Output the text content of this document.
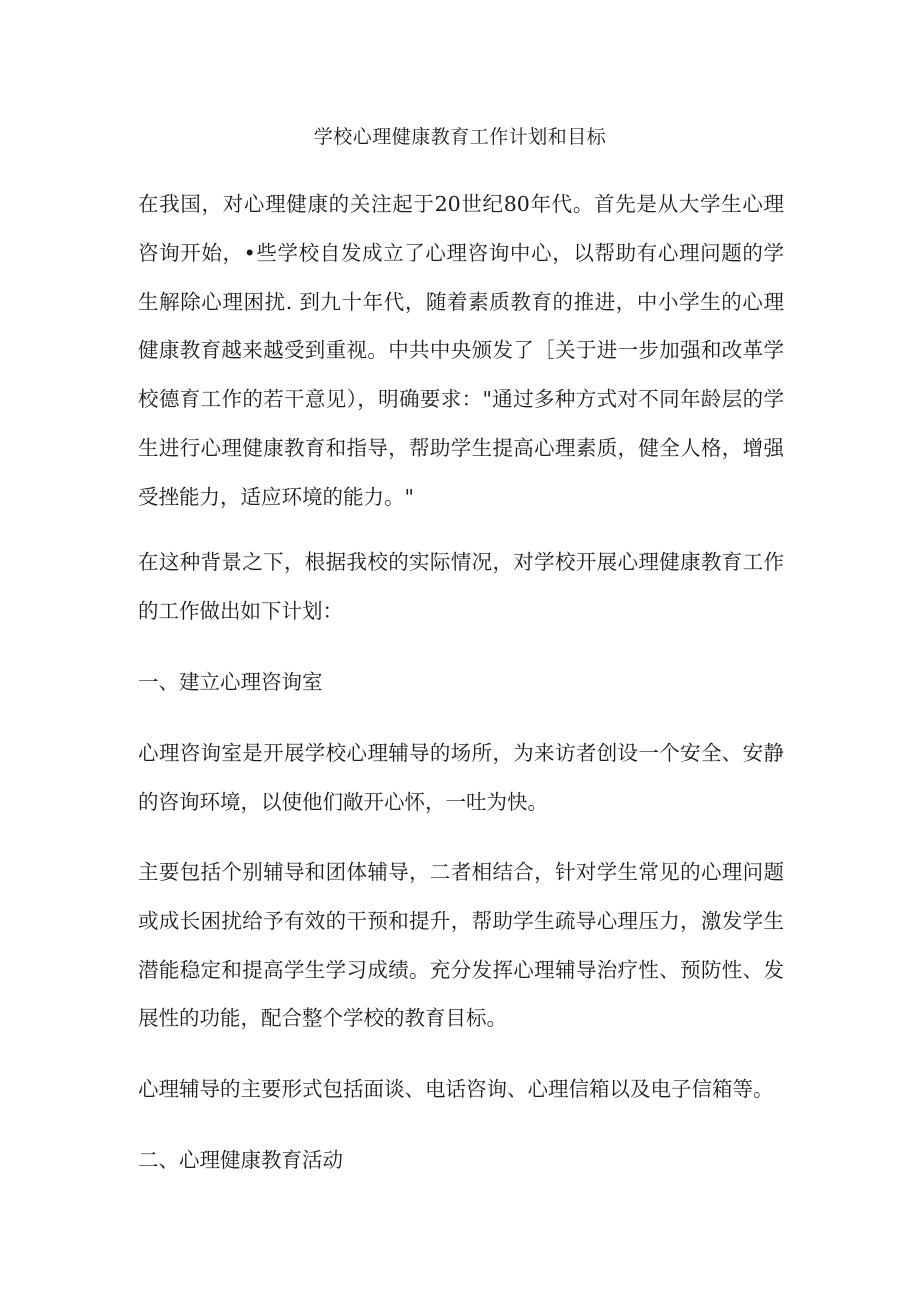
学校心理健康教育工作计划和目标

在我国，对心理健康的关注起于20世纪80年代。首先是从大学生心理咨询开始，•些学校自发成立了心理咨询中心，以帮助有心理问题的学生解除心理困扰. 到九十年代，随着素质教育的推进，中小学生的心理健康教育越来越受到重视。中共中央颁发了［关于进一步加强和改革学校德育工作的若干意见），明确要求："通过多种方式对不同年龄层的学生进行心理健康教育和指导，帮助学生提高心理素质，健全人格，增强受挫能力，适应环境的能力。"

在这种背景之下，根据我校的实际情况，对学校开展心理健康教育工作的工作做出如下计划：

一、建立心理咨询室

心理咨询室是开展学校心理辅导的场所，为来访者创设一个安全、安静的咨询环境，以使他们敞开心怀，一吐为快。

主要包括个别辅导和团体辅导，二者相结合，针对学生常见的心理问题或成长困扰给予有效的干预和提升，帮助学生疏导心理压力，激发学生潜能稳定和提高学生学习成绩。充分发挥心理辅导治疗性、预防性、发展性的功能，配合整个学校的教育目标。

心理辅导的主要形式包括面谈、电话咨询、心理信箱以及电子信箱等。

二、心理健康教育活动
